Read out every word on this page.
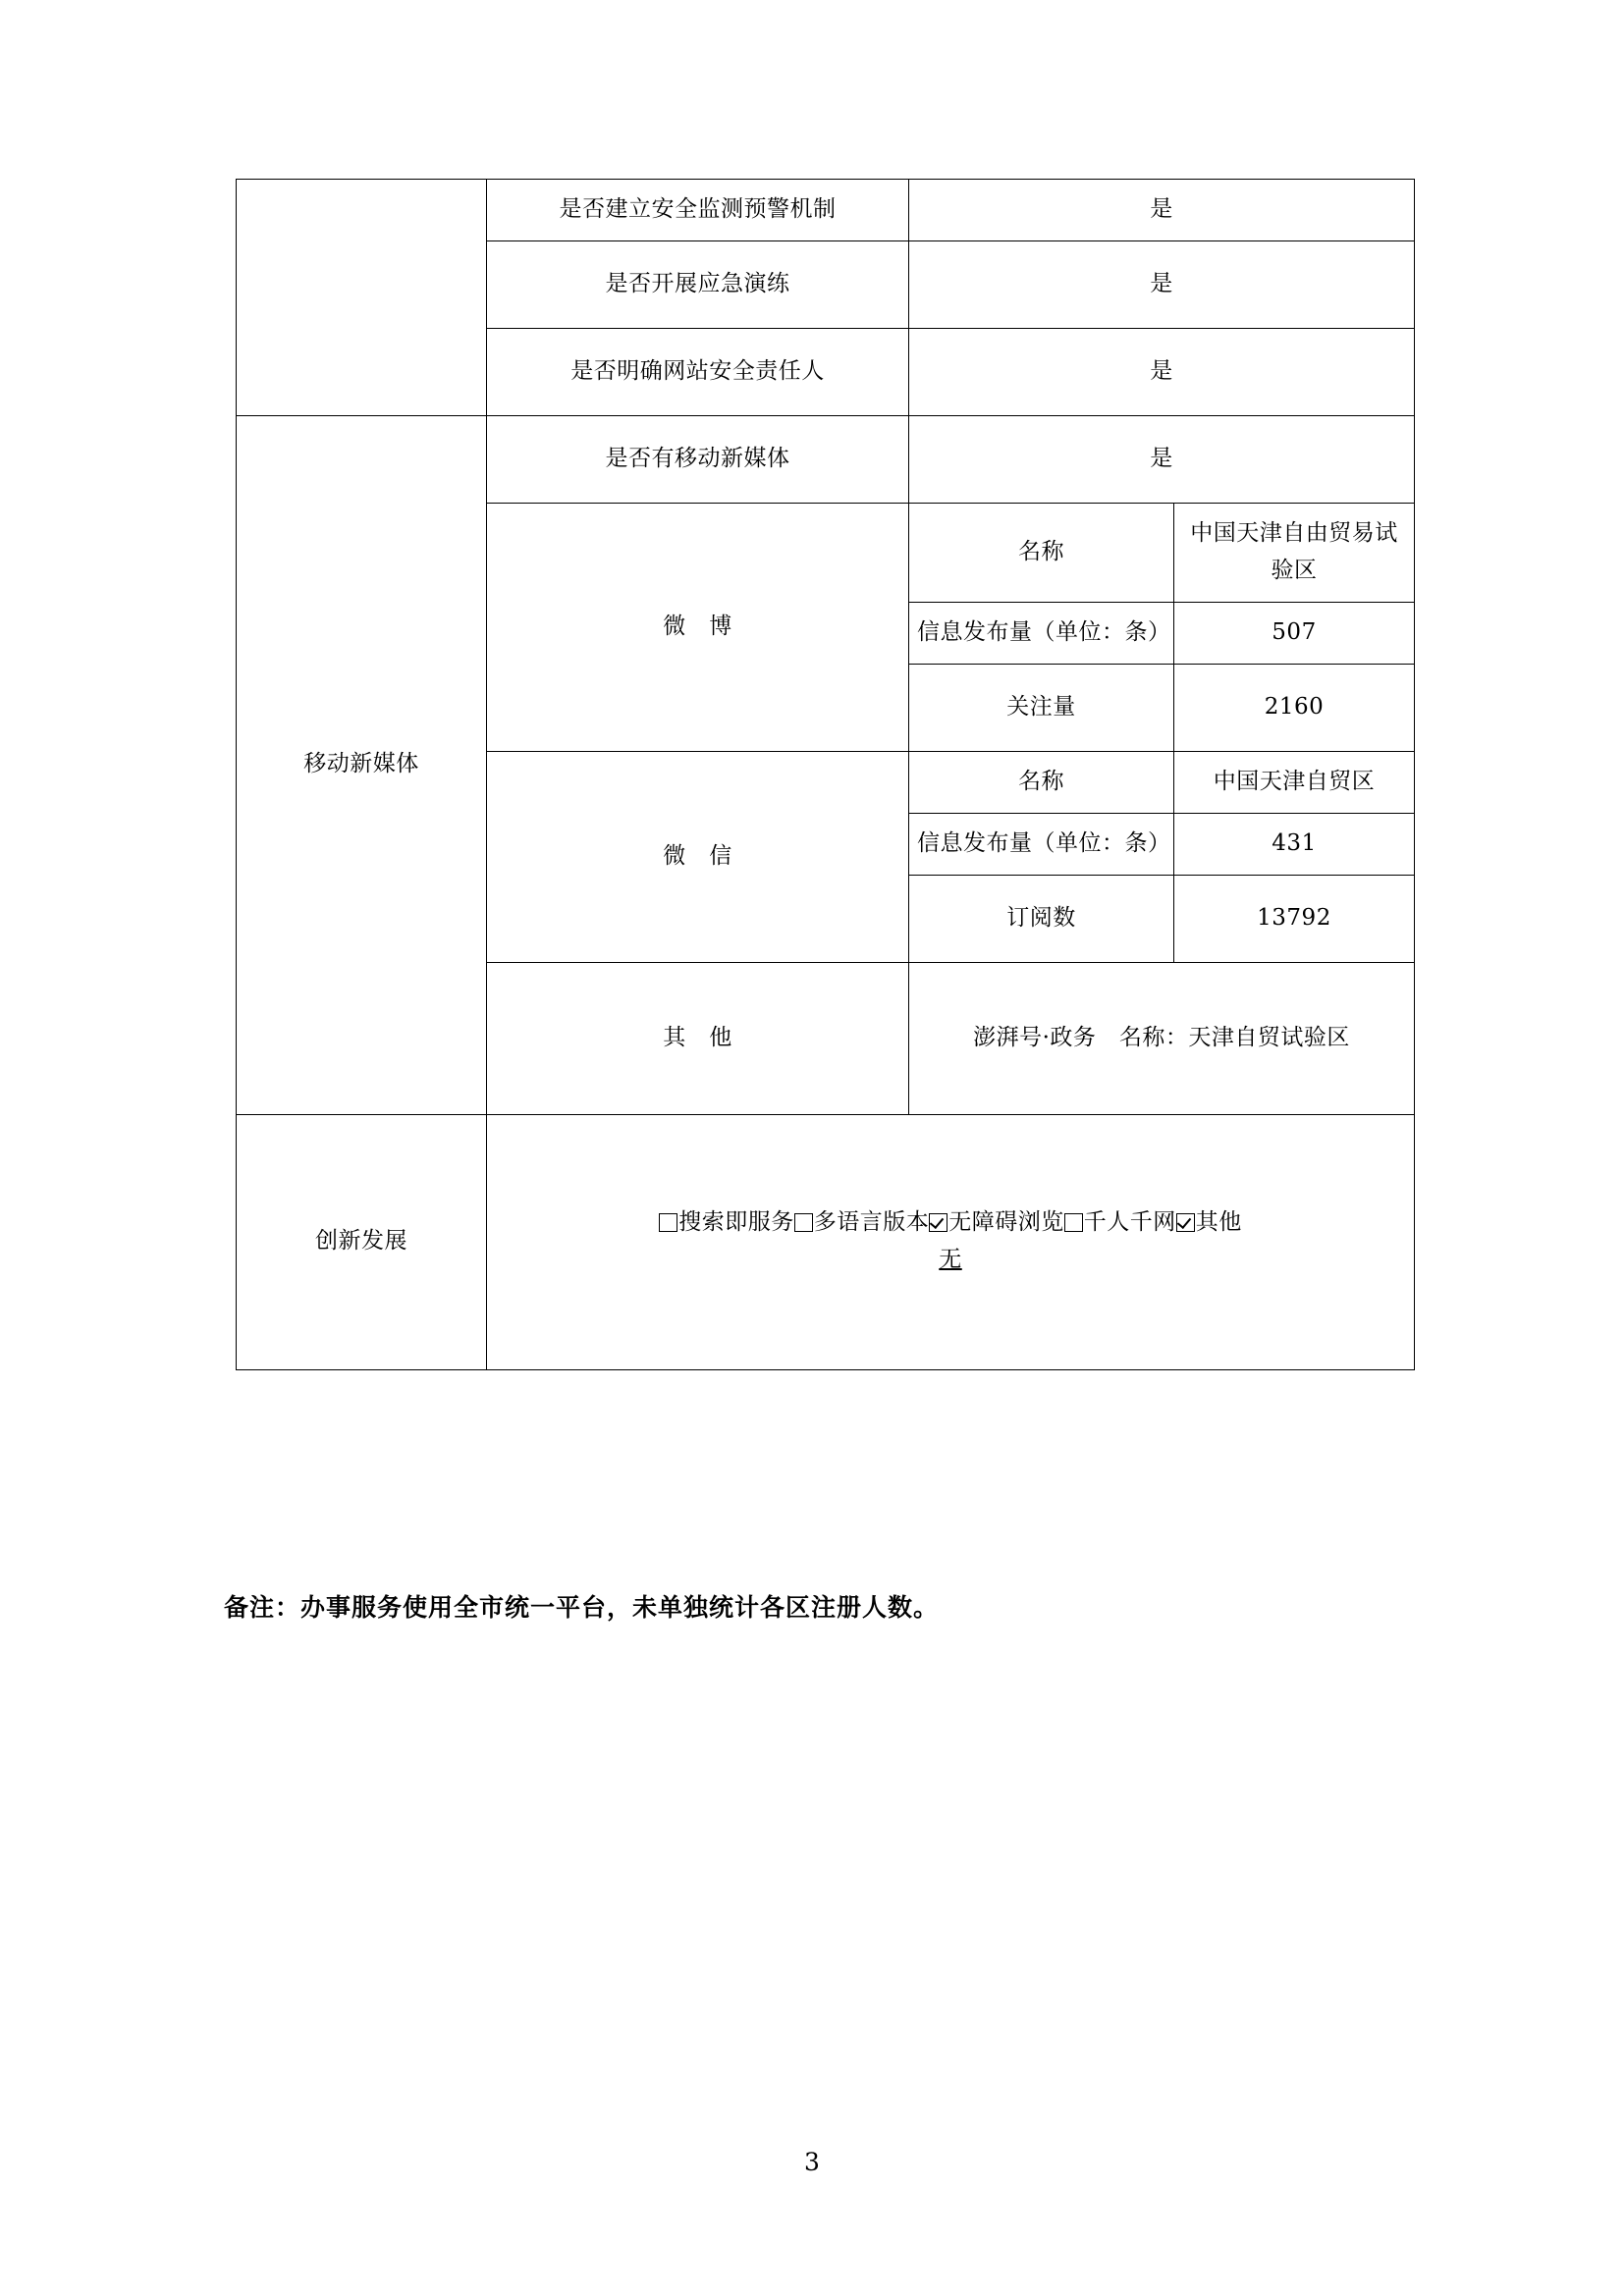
	是否建立安全监测预警机制	是	
	是否开展应急演练	是	
	是否明确网站安全责任人	是	
移动新媒体	是否有移动新媒体	是	
	微　博	名称	中国天津自由贸易试验区
		信息发布量（单位：条）	507
		关注量	2160
	微　信	名称	中国天津自贸区
		信息发布量（单位：条）	431
		订阅数	13792
	其　他	澎湃号·政务　名称：天津自贸试验区	
创新发展	搜索即服务 多语言版本 无障碍浏览 千人千网 其他
无		
备注：办事服务使用全市统一平台，未单独统计各区注册人数。
3
